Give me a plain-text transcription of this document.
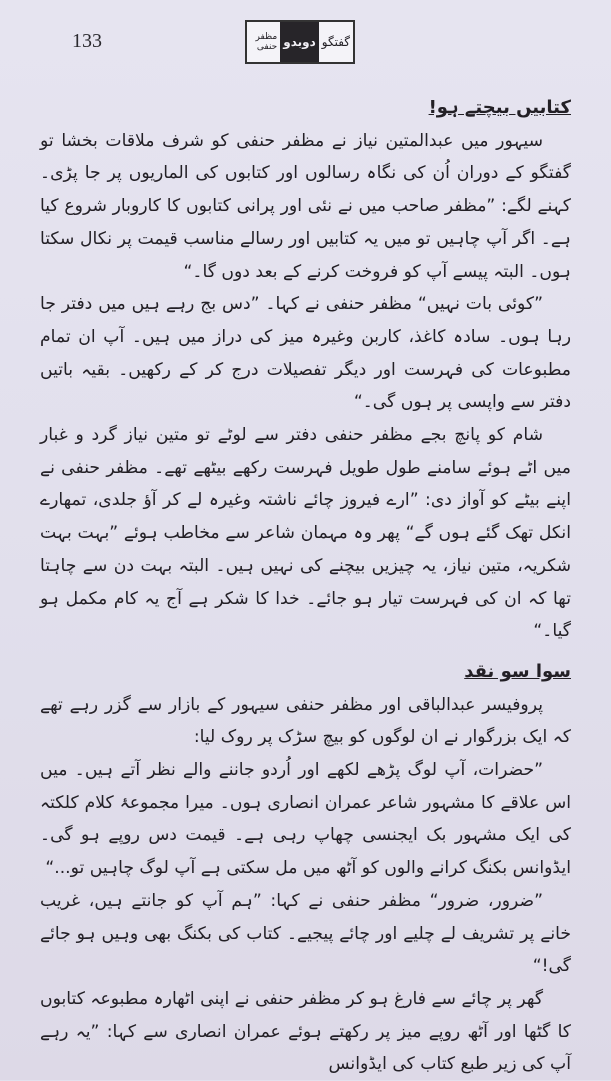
133	گفتگو
دوبدو
مظفر حنفی
کتابیں بیچتے ہو!

سیہور میں عبدالمتین نیاز نے مظفر حنفی کو شرف ملاقات بخشا تو گفتگو کے دوران اُن کی نگاہ رسالوں اور کتابوں کی الماریوں پر جا پڑی۔ کہنے لگے: ”مظفر صاحب میں نے نئی اور پرانی کتابوں کا کاروبار شروع کیا ہے۔ اگر آپ چاہیں تو میں یہ کتابیں اور رسالے مناسب قیمت پر نکال سکتا ہوں۔ البتہ پیسے آپ کو فروخت کرنے کے بعد دوں گا۔“

”کوئی بات نہیں“ مظفر حنفی نے کہا۔ ”دس بج رہے ہیں میں دفتر جا رہا ہوں۔ سادہ کاغذ، کاربن وغیرہ میز کی دراز میں ہیں۔ آپ ان تمام مطبوعات کی فہرست اور دیگر تفصیلات درج کر کے رکھیں۔ بقیہ باتیں دفتر سے واپسی پر ہوں گی۔“

شام کو پانچ بجے مظفر حنفی دفتر سے لوٹے تو متین نیاز گرد و غبار میں اٹے ہوئے سامنے طول طویل فہرست رکھے بیٹھے تھے۔ مظفر حنفی نے اپنے بیٹے کو آواز دی: ”ارے فیروز چائے ناشتہ وغیرہ لے کر آؤ جلدی، تمھارے انکل تھک گئے ہوں گے“ پھر وہ مہمان شاعر سے مخاطب ہوئے ”بہت بہت شکریہ، متین نیاز، یہ چیزیں بیچنے کی نہیں ہیں۔ البتہ بہت دن سے چاہتا تھا کہ ان کی فہرست تیار ہو جائے۔ خدا کا شکر ہے آج یہ کام مکمل ہو گیا۔“

سوا سو نقد

پروفیسر عبدالباقی اور مظفر حنفی سیہور کے بازار سے گزر رہے تھے کہ ایک بزرگوار نے ان لوگوں کو بیچ سڑک پر روک لیا:

”حضرات، آپ لوگ پڑھے لکھے اور اُردو جاننے والے نظر آتے ہیں۔ میں اس علاقے کا مشہور شاعر عمران انصاری ہوں۔ میرا مجموعۂ کلام کلکتہ کی ایک مشہور بک ایجنسی چھاپ رہی ہے۔ قیمت دس روپے ہو گی۔ ایڈوانس بکنگ کرانے والوں کو آٹھ میں مل سکتی ہے آپ لوگ چاہیں تو...“

”ضرور، ضرور“ مظفر حنفی نے کہا: ”ہم آپ کو جانتے ہیں، غریب خانے پر تشریف لے چلیے اور چائے پیجیے۔ کتاب کی بکنگ بھی وہیں ہو جائے گی!“

گھر پر چائے سے فارغ ہو کر مظفر حنفی نے اپنی اٹھارہ مطبوعہ کتابوں کا گٹھا اور آٹھ روپے میز پر رکھتے ہوئے عمران انصاری سے کہا: ”یہ رہے آپ کی زیر طبع کتاب کی ایڈوانس
